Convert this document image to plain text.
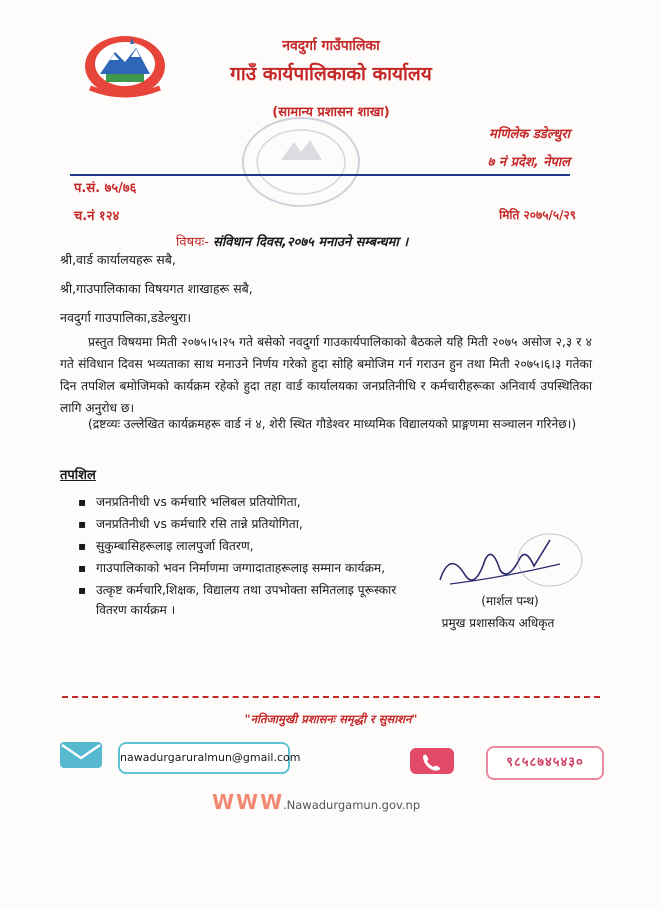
नवदुर्गा गाउँपालिका
गाउँ कार्यपालिकाको कार्यालय
(सामान्य प्रशासन शाखा)
मणिलेक डडेल्धुरा
७ नं प्रदेश, नेपाल
प.सं. ७५/७६
च.नं १२४	मिति २०७५/५/२९
विषयः- संविधान दिवस,२०७५ मनाउने सम्बन्धमा ।
श्री,वार्ड कार्यालयहरू सबै,
श्री,गाउपालिकाका विषयगत शाखाहरू सबै,
नवदुर्गा गाउपालिका,डडेल्धुरा।
प्रस्तुत विषयमा मिती २०७५।५।२५ गते बसेको नवदुर्गा गाउकार्यपालिकाको बैठकले यहि मिती २०७५ असोज २,३ र ४ गते संविधान दिवस भव्यताका साथ मनाउने निर्णय गरेको हुदा सोहि बमोजिम गर्न गराउन हुन तथा मिती २०७५।६।३ गतेका दिन तपशिल बमोजिमको कार्यक्रम रहेको हुदा तहा वार्ड कार्यालयका जनप्रतिनीधि र कर्मचारीहरूका अनिवार्य उपस्थितिका लागि अनुरोध छ।
(द्रष्टव्यः उल्लेखित कार्यक्रमहरू वार्ड नं ४, शेरी स्थित गौडेश्वर माध्यमिक विद्यालयको प्राङ्गणमा सञ्चालन गरिनेछ।)
तपशिल
▪ जनप्रतिनीधी vs कर्मचारि भलिबल प्रतियोगिता,
▪ जनप्रतिनीधी vs कर्मचारि रसि तान्ने प्रतियोगिता,
▪ सुकुम्बासिहरूलाइ लालपुर्जा वितरण,
▪ गाउपालिकाको भवन निर्माणमा जग्गादाताहरूलाइ सम्मान कार्यक्रम,
▪ उत्कृष्ट कर्मचारि,शिक्षक, विद्यालय तथा उपभोक्ता समितलाइ पूरूस्कार वितरण कार्यक्रम ।
(मार्शल पन्थ)
प्रमुख प्रशासकिय अधिकृत
"नतिजामुखी प्रशासनः समृद्धी र सुसाशन"
nawadurgaruralmun@gmail.com	९८५८७४५४३०
WWW
.Nawadurgamun.gov.np
